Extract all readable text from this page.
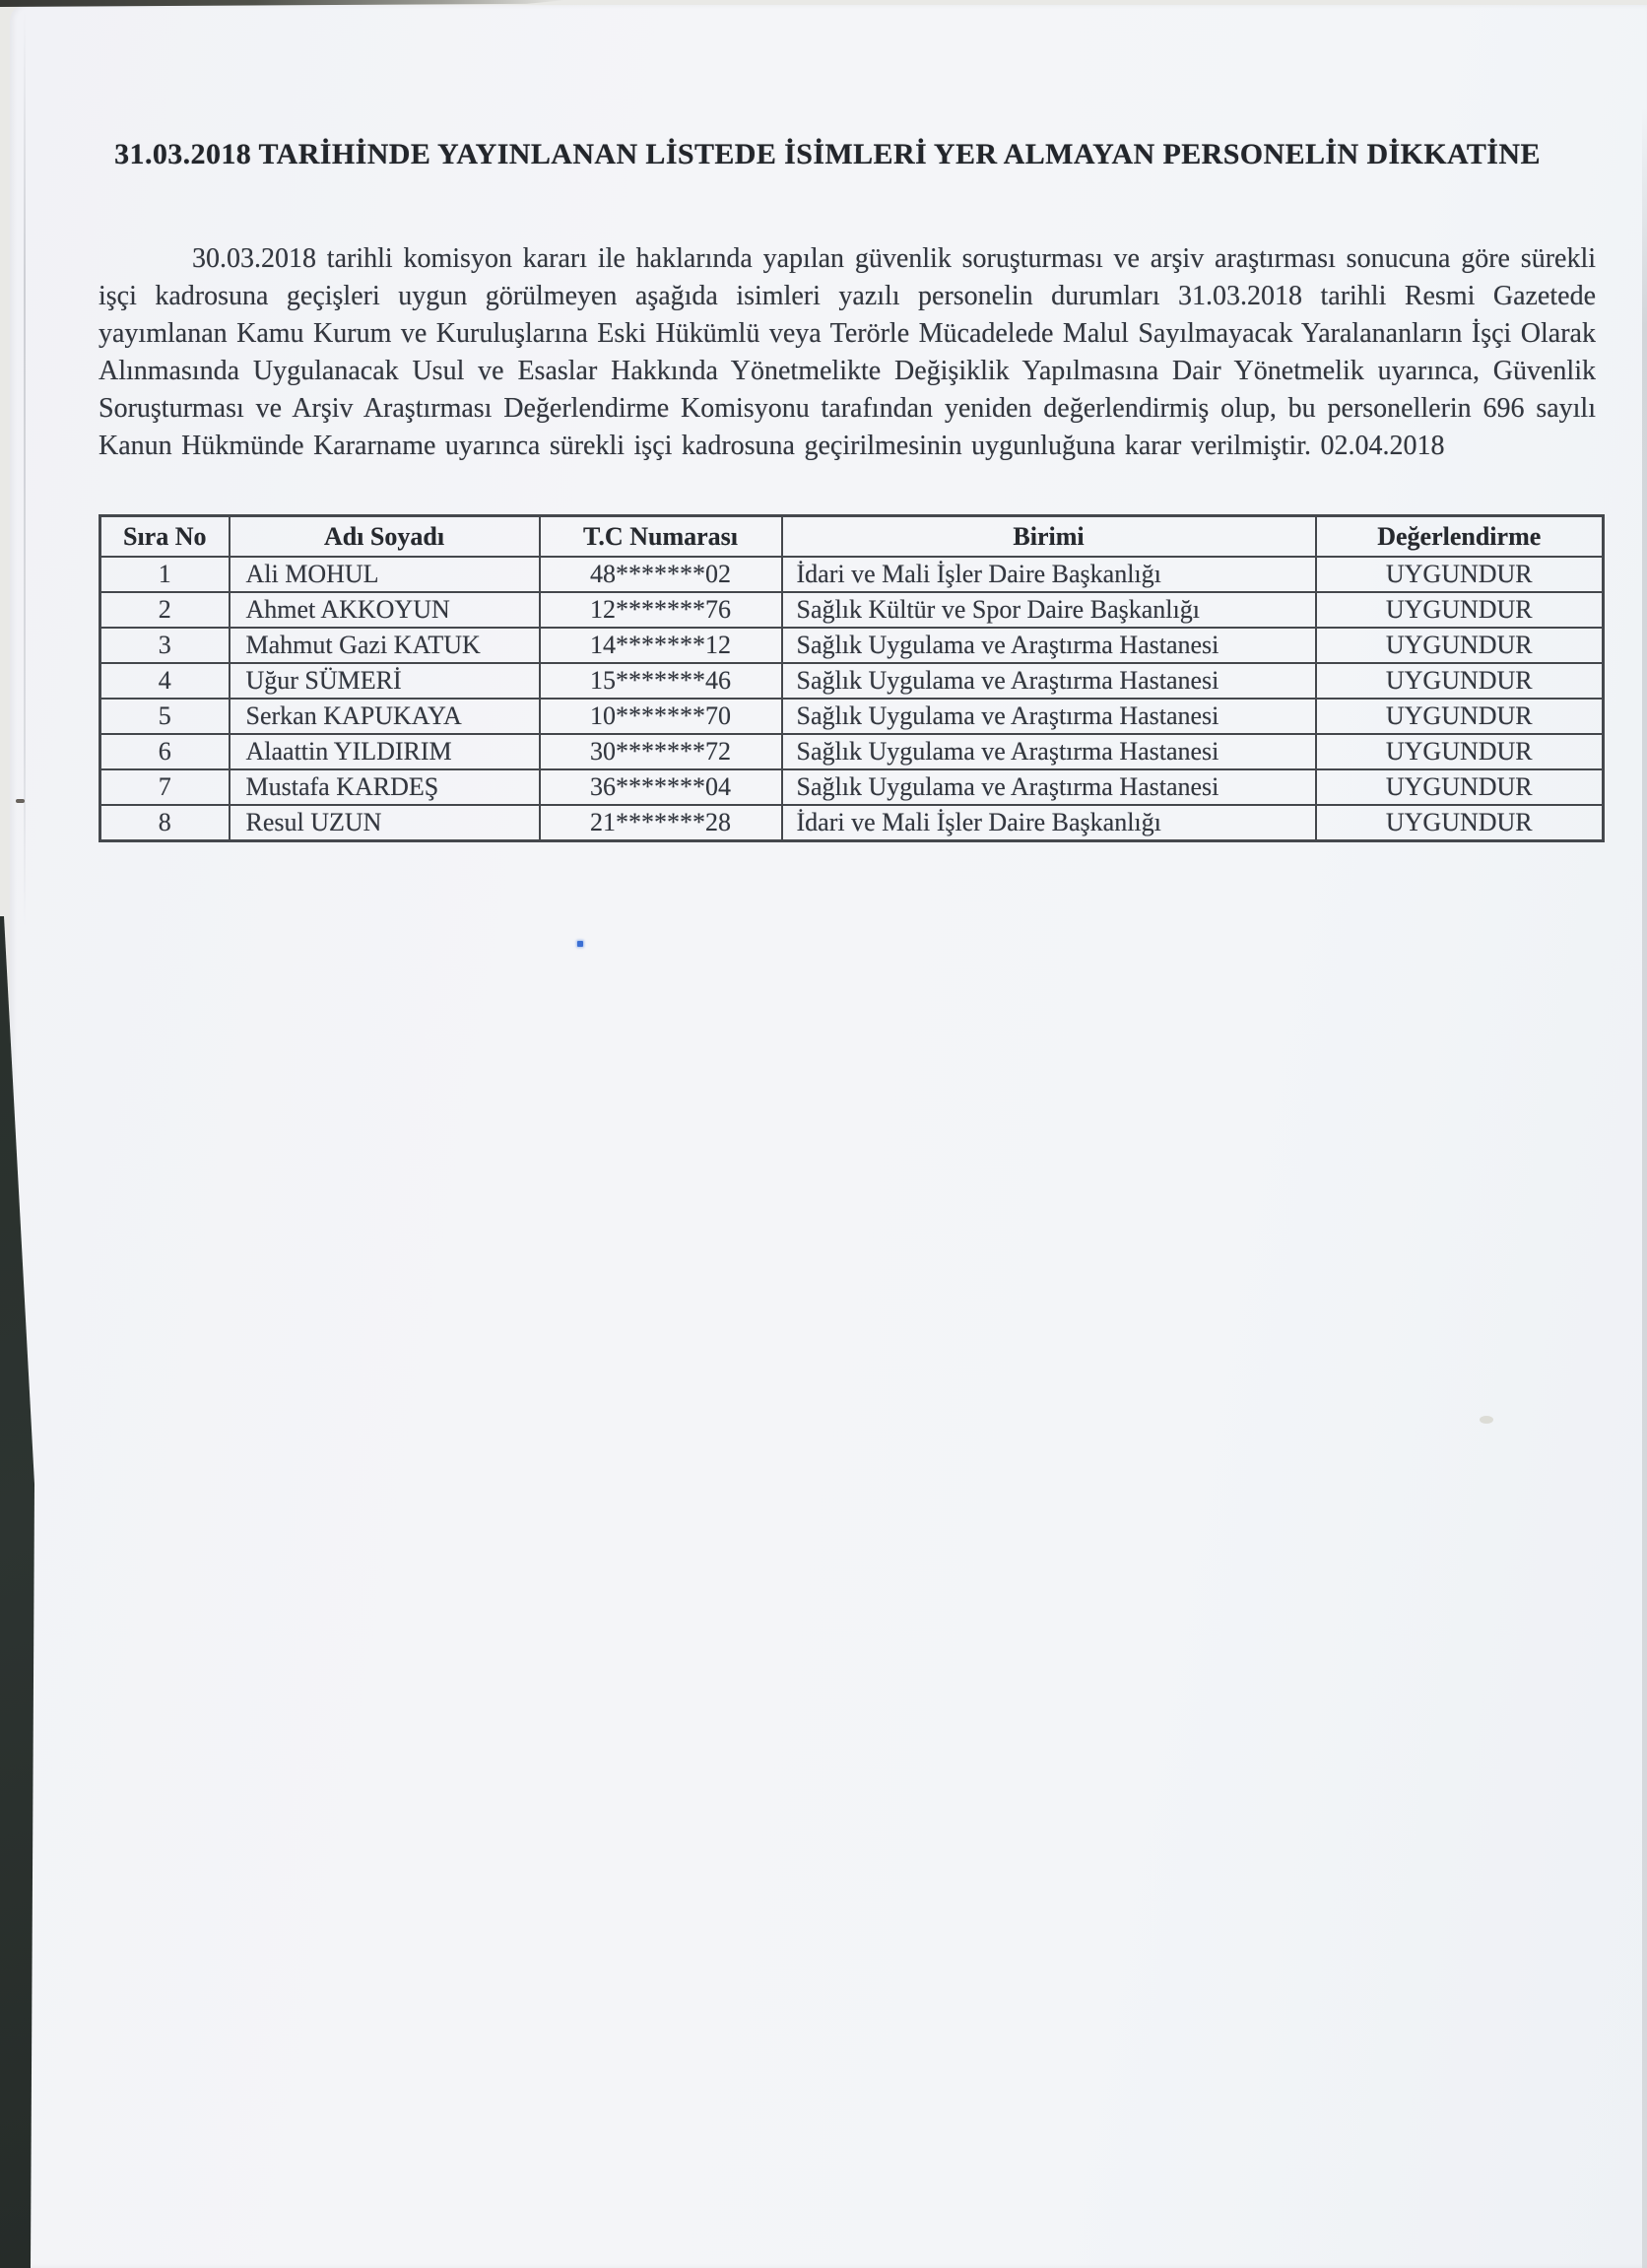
31.03.2018 TARİHİNDE YAYINLANAN LİSTEDE İSİMLERİ YER ALMAYAN PERSONELİN DİKKATİNE

30.03.2018 tarihli komisyon kararı ile haklarında yapılan güvenlik soruşturması ve arşiv araştırması sonucuna göre sürekli işçi kadrosuna geçişleri uygun görülmeyen aşağıda isimleri yazılı personelin durumları 31.03.2018 tarihli Resmi Gazetede yayımlanan Kamu Kurum ve Kuruluşlarına Eski Hükümlü veya Terörle Mücadelede Malul Sayılmayacak Yaralananların İşçi Olarak Alınmasında Uygulanacak Usul ve Esaslar Hakkında Yönetmelikte Değişiklik Yapılmasına Dair Yönetmelik uyarınca, Güvenlik Soruşturması ve Arşiv Araştırması Değerlendirme Komisyonu tarafından yeniden değerlendirmiş olup, bu personellerin 696 sayılı Kanun Hükmünde Kararname uyarınca sürekli işçi kadrosuna geçirilmesinin uygunluğuna karar verilmiştir. 02.04.2018

Sıra No	Adı Soyadı	T.C Numarası	Birimi	Değerlendirme
1	Ali MOHUL	48*******02	İdari ve Mali İşler Daire Başkanlığı	UYGUNDUR
2	Ahmet AKKOYUN	12*******76	Sağlık Kültür ve Spor Daire Başkanlığı	UYGUNDUR
3	Mahmut Gazi KATUK	14*******12	Sağlık Uygulama ve Araştırma Hastanesi	UYGUNDUR
4	Uğur SÜMERİ	15*******46	Sağlık Uygulama ve Araştırma Hastanesi	UYGUNDUR
5	Serkan KAPUKAYA	10*******70	Sağlık Uygulama ve Araştırma Hastanesi	UYGUNDUR
6	Alaattin YILDIRIM	30*******72	Sağlık Uygulama ve Araştırma Hastanesi	UYGUNDUR
7	Mustafa KARDEŞ	36*******04	Sağlık Uygulama ve Araştırma Hastanesi	UYGUNDUR
8	Resul UZUN	21*******28	İdari ve Mali İşler Daire Başkanlığı	UYGUNDUR
